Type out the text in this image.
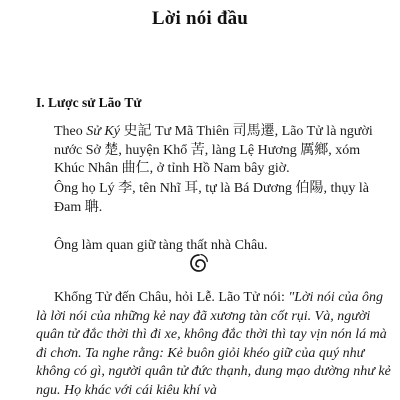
Lời nói đầu
I. Lược sử Lão Tử

Theo Sử Ký 史記 Tư Mã Thiên 司馬遷, Lão Tử là người nước Sở 楚, huyện Khổ 苦, làng Lệ Hương 厲鄉, xóm Khúc Nhân 曲仁, ở tỉnh Hồ Nam bây giờ.

Ông họ Lý 李, tên Nhĩ 耳, tự là Bá Dương 伯陽, thụy là Đam 聃.

Ông làm quan giữ tàng thất nhà Châu.

Khổng Tử đến Châu, hỏi Lễ. Lão Tử nói: "Lời nói của ông là lời nói của những kẻ nay đã xương tàn cốt rụi. Và, người quân tử đắc thời thì đi xe, không đắc thời thì tay vịn nón lá mà đi chơn. Ta nghe rằng: Kẻ buôn giỏi khéo giữ của quý như không có gì, người quân tử đức thạnh, dung mạo dường như kẻ ngu. Họ khác với cái kiêu khí và
